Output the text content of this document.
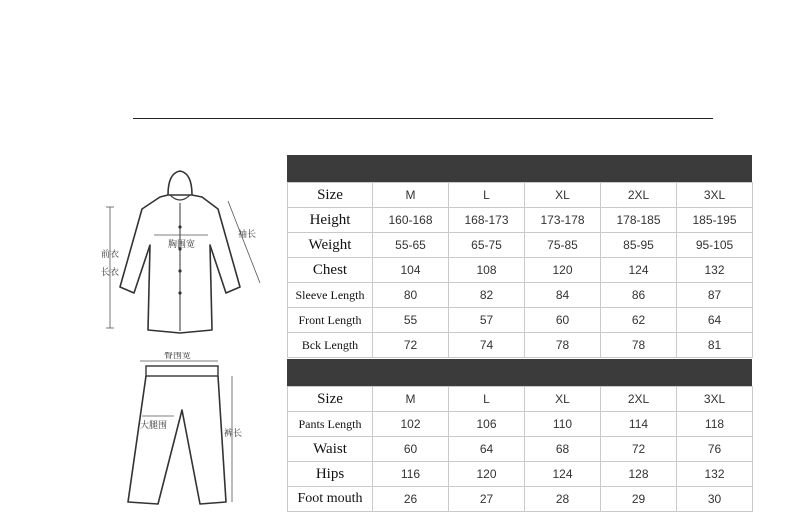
胸围宽
前衣
长衣
袖长
臀围宽
大腿围
裤长
Size	M	L	XL	2XL	3XL
Height	160-168	168-173	173-178	178-185	185-195
Weight	55-65	65-75	75-85	85-95	95-105
Chest	104	108	120	124	132
Sleeve Length	80	82	84	86	87
Front Length	55	57	60	62	64
Bck Length	72	74	78	78	81
Size	M	L	XL	2XL	3XL
Pants Length	102	106	110	114	118
Waist	60	64	68	72	76
Hips	116	120	124	128	132
Foot mouth	26	27	28	29	30
